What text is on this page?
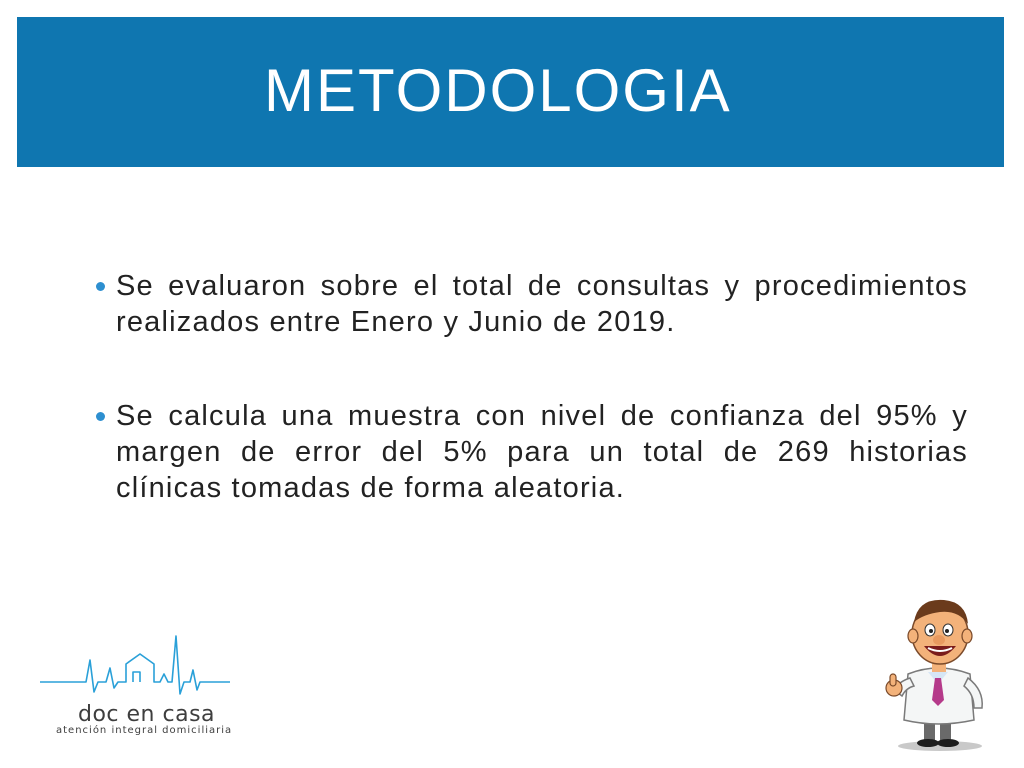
METODOLOGIA
Se evaluaron sobre el total de consultas y procedimientos realizados entre Enero y Junio de 2019.
Se calcula una muestra con nivel de confianza del 95% y margen de error del 5% para un total de 269 historias clínicas tomadas de forma aleatoria.
doc en casa
atención integral domiciliaria
